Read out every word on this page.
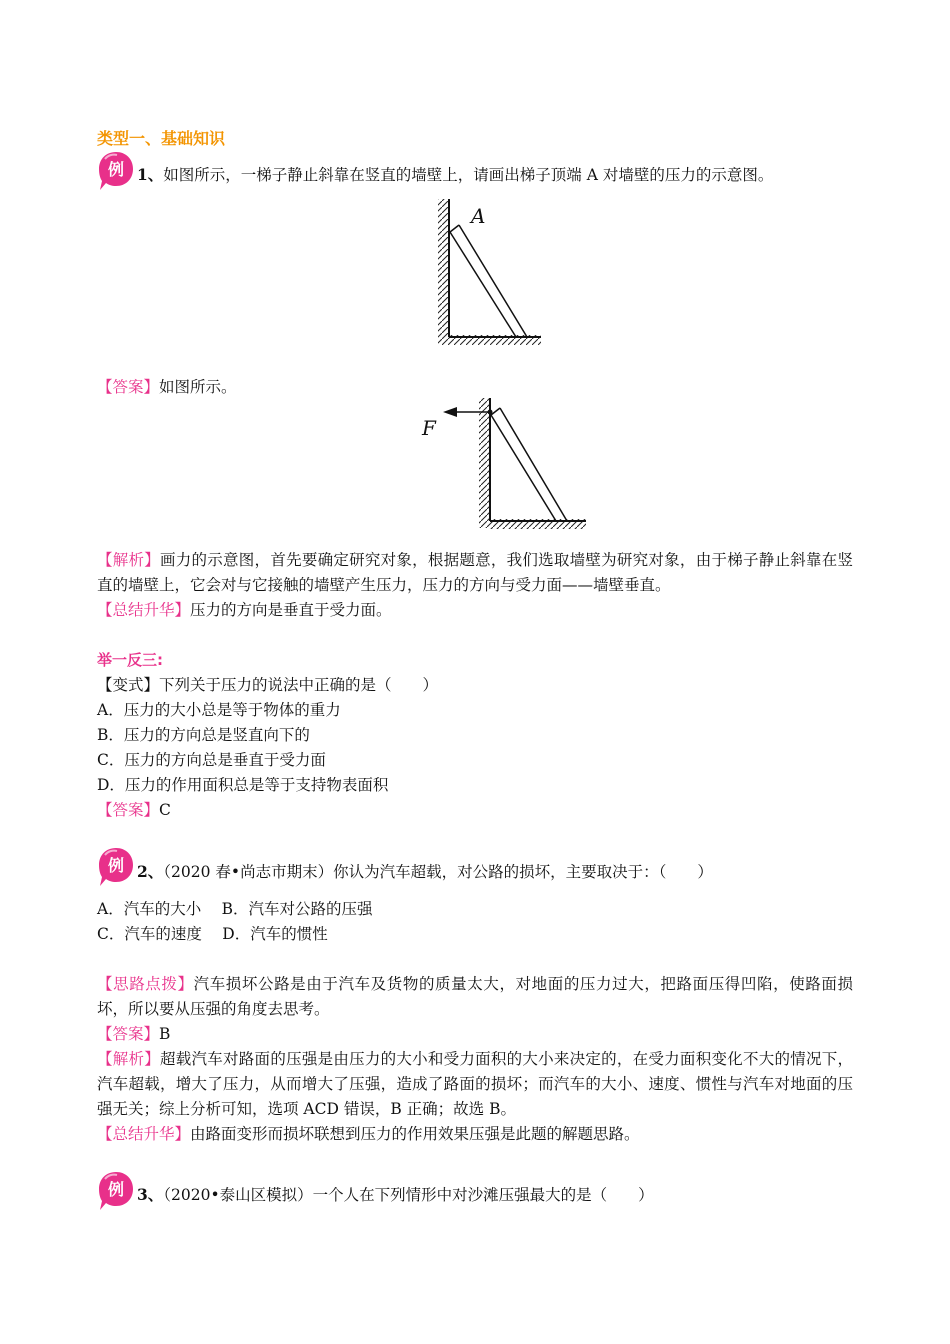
类型一、基础知识
例 1、如图所示，一梯子静止斜靠在竖直的墙壁上，请画出梯子顶端 A 对墙壁的压力的示意图。
A
【答案】如图所示。
F
【解析】画力的示意图，首先要确定研究对象，根据题意，我们选取墙壁为研究对象，由于梯子静止斜靠在竖直的墙壁上，它会对与它接触的墙壁产生压力，压力的方向与受力面——墙壁垂直。
【总结升华】压力的方向是垂直于受力面。
举一反三:
【变式】下列关于压力的说法中正确的是（　　）
A．压力的大小总是等于物体的重力
B．压力的方向总是竖直向下的
C．压力的方向总是垂直于受力面
D．压力的作用面积总是等于支持物表面积
【答案】C
例 2、（2020 春•尚志市期末）你认为汽车超载，对公路的损坏，主要取决于：（　　）
A．汽车的大小　 B．汽车对公路的压强
C．汽车的速度　 D．汽车的惯性
【思路点拨】汽车损坏公路是由于汽车及货物的质量太大，对地面的压力过大，把路面压得凹陷，使路面损坏，所以要从压强的角度去思考。
【答案】B
【解析】超载汽车对路面的压强是由压力的大小和受力面积的大小来决定的，在受力面积变化不大的情况下，汽车超载，增大了压力，从而增大了压强，造成了路面的损坏；而汽车的大小、速度、惯性与汽车对地面的压强无关；综上分析可知，选项 ACD 错误，B 正确；故选 B。
【总结升华】由路面变形而损坏联想到压力的作用效果压强是此题的解题思路。
例 3、（2020•泰山区模拟）一个人在下列情形中对沙滩压强最大的是（　　）
